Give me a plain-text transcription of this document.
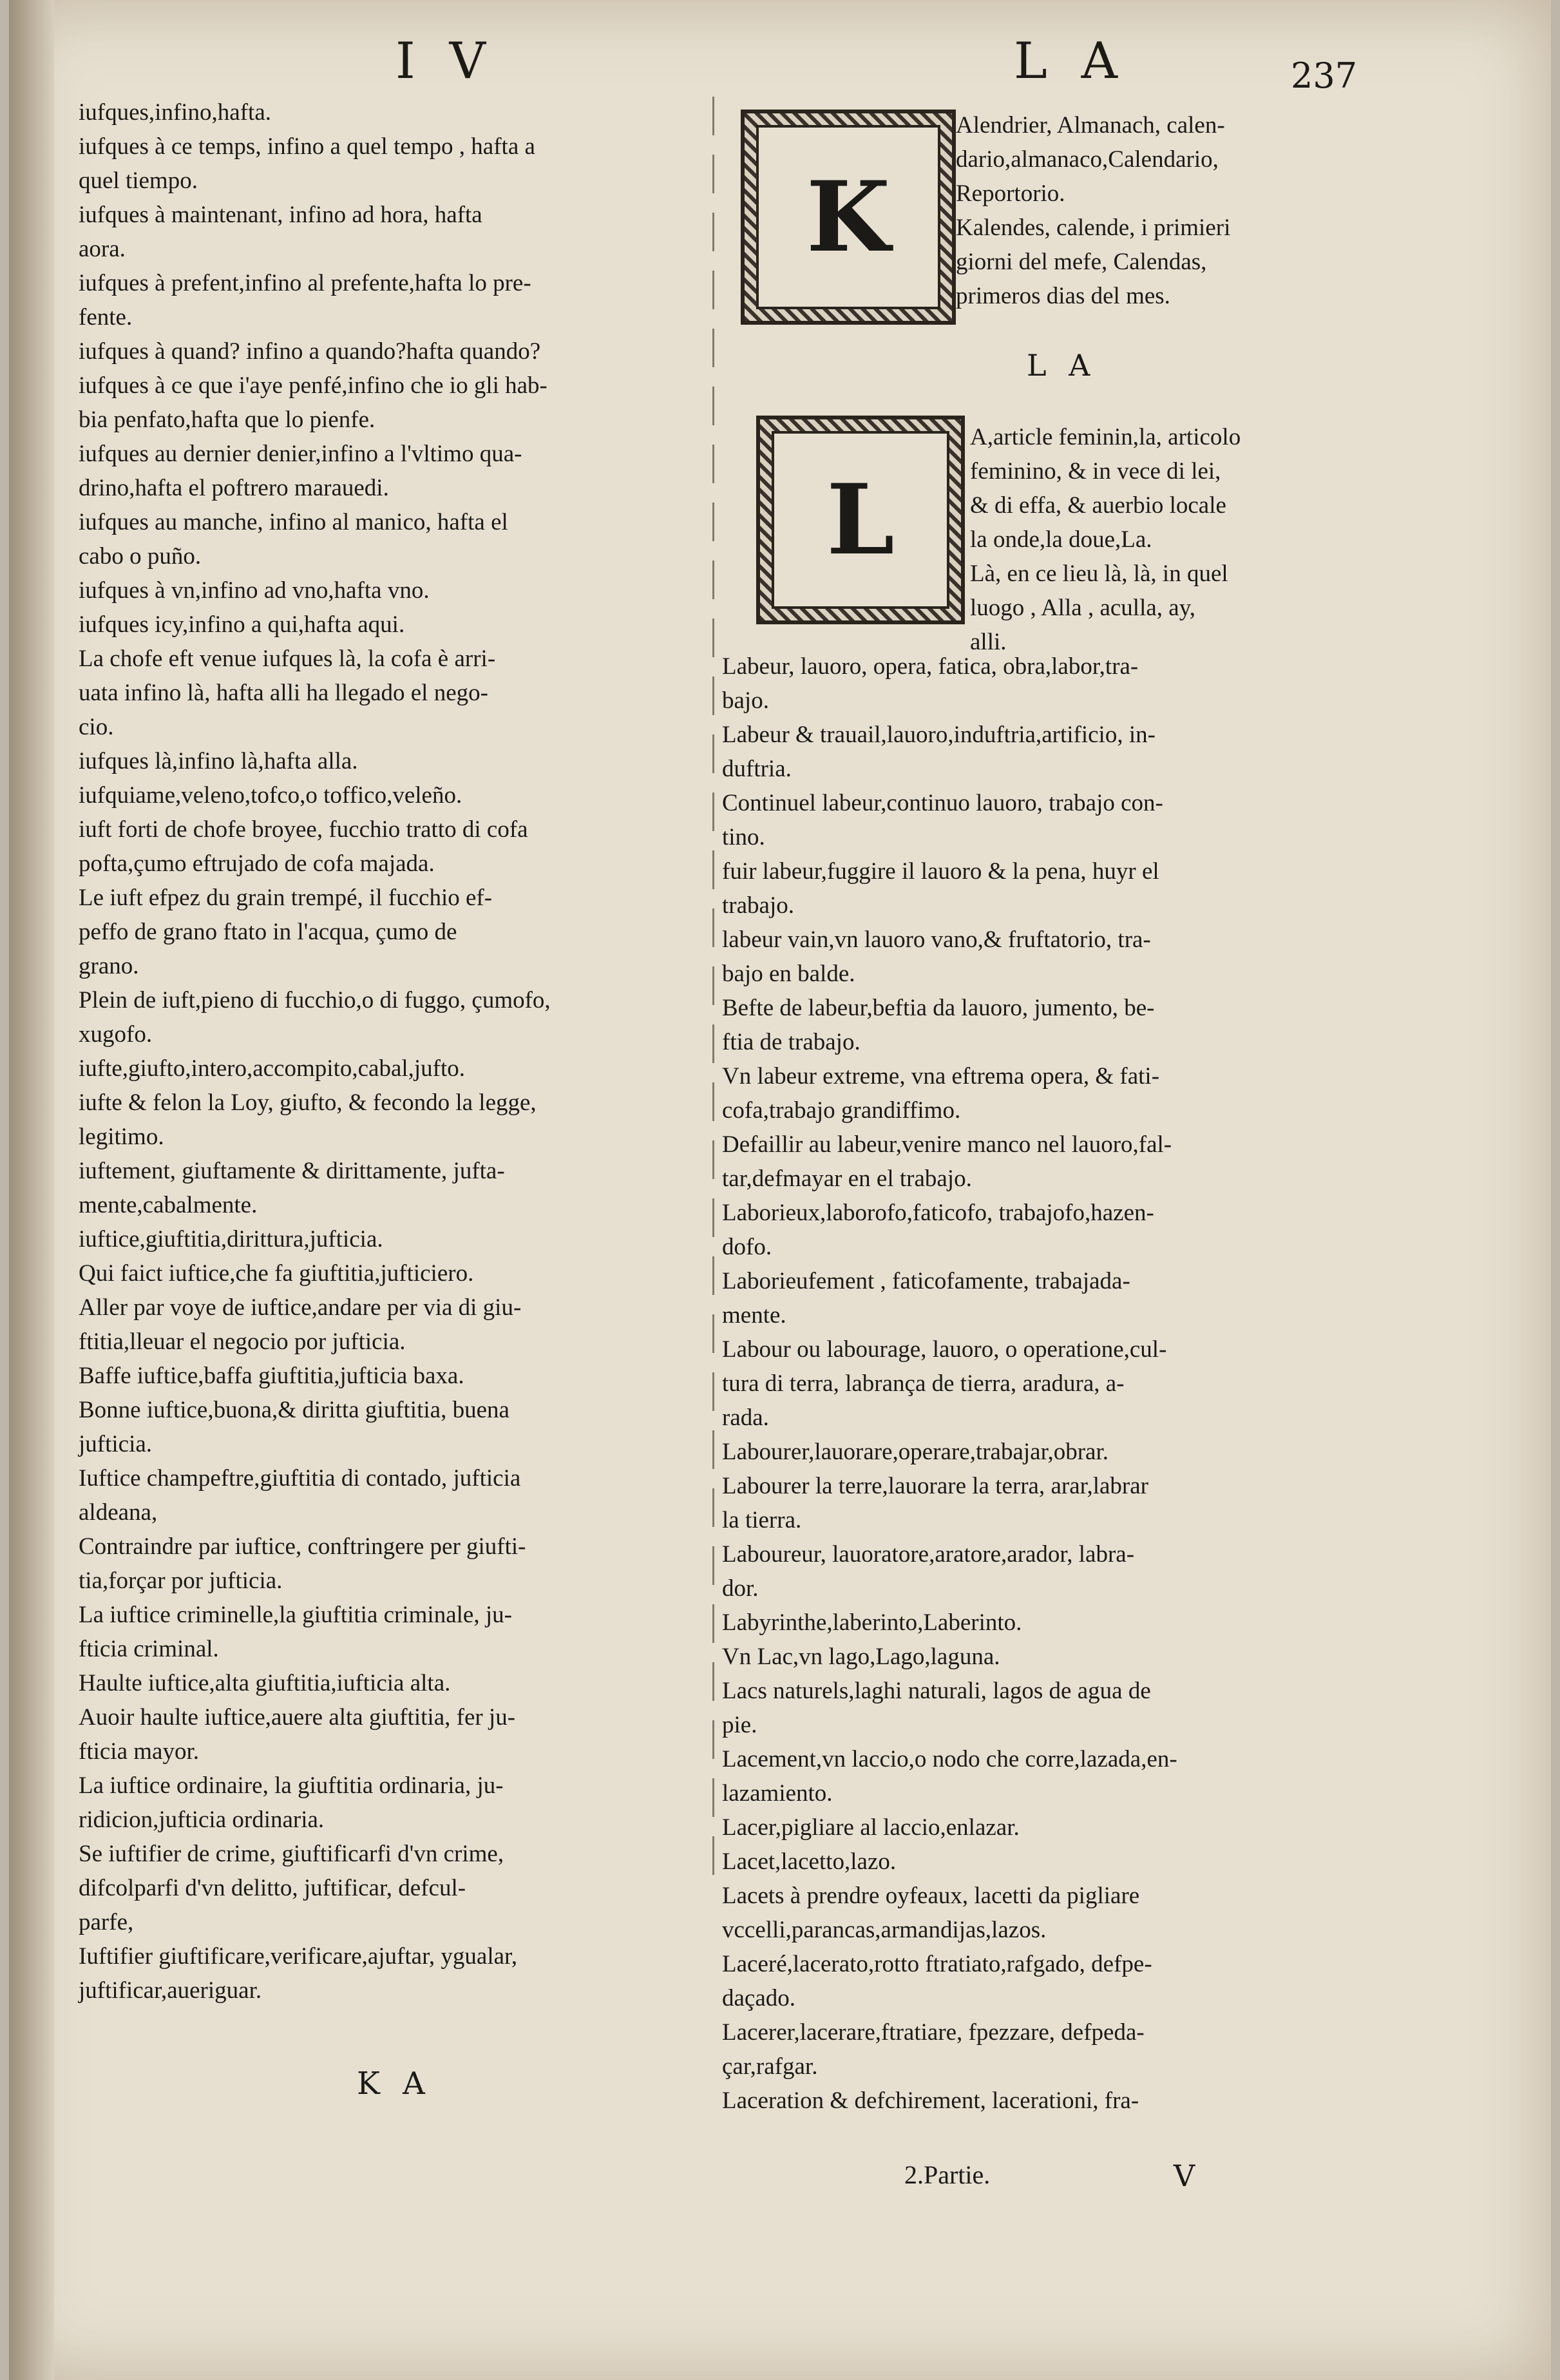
I V	L A	237
iufques,infino,hafta.
iufques à ce temps, infino a quel tempo , hafta a
quel tiempo.
iufques à maintenant, infino ad hora, hafta
aora.
iufques à prefent,infino al prefente,hafta lo pre-
fente.
iufques à quand? infino a quando?hafta quando?
iufques à ce que i'aye penfé,infino che io gli hab-
bia penfato,hafta que lo pienfe.
iufques au dernier denier,infino a l'vltimo qua-
drino,hafta el poftrero marauedi.
iufques au manche, infino al manico, hafta el
cabo o puño.
iufques à vn,infino ad vno,hafta vno.
iufques icy,infino a qui,hafta aqui.
La chofe eft venue iufques là, la cofa è arri-
uata infino là, hafta alli ha llegado el nego-
cio.
iufques là,infino là,hafta alla.
iufquiame,veleno,tofco,o toffico,veleño.
iuft forti de chofe broyee, fucchio tratto di cofa
pofta,çumo eftrujado de cofa majada.
Le iuft efpez du grain trempé, il fucchio ef-
peffo de grano ftato in l'acqua, çumo de
grano.
Plein de iuft,pieno di fucchio,o di fuggo, çumofo,
xugofo.
iufte,giufto,intero,accompito,cabal,jufto.
iufte & felon la Loy, giufto, & fecondo la legge,
legitimo.
iuftement, giuftamente & dirittamente, jufta-
mente,cabalmente.
iuftice,giuftitia,dirittura,jufticia.
Qui faict iuftice,che fa giuftitia,jufticiero.
Aller par voye de iuftice,andare per via di giu-
ftitia,lleuar el negocio por jufticia.
Baffe iuftice,baffa giuftitia,jufticia baxa.
Bonne iuftice,buona,& diritta giuftitia, buena
jufticia.
Iuftice champeftre,giuftitia di contado, jufticia
aldeana,
Contraindre par iuftice, conftringere per giufti-
tia,forçar por jufticia.
La iuftice criminelle,la giuftitia criminale, ju-
fticia criminal.
Haulte iuftice,alta giuftitia,iufticia alta.
Auoir haulte iuftice,auere alta giuftitia, fer ju-
fticia mayor.
La iuftice ordinaire, la giuftitia ordinaria, ju-
ridicion,jufticia ordinaria.
Se iuftifier de crime, giuftificarfi d'vn crime,
difcolparfi d'vn delitto, juftificar, defcul-
parfe,
Iuftifier giuftificare,verificare,ajuftar, ygualar,
juftificar,aueriguar.
K A
K
Alendrier, Almanach, calen-
dario,almanaco,Calendario,
Reportorio.
Kalendes, calende, i primieri
giorni del mefe, Calendas,
primeros dias del mes.
L A
L
A,article feminin,la, articolo
feminino, & in vece di lei,
& di effa, & auerbio locale
la onde,la doue,La.
Là, en ce lieu là, là, in quel
luogo , Alla , aculla, ay,
alli.
Labeur, lauoro, opera, fatica, obra,labor,tra-
bajo.
Labeur & trauail,lauoro,induftria,artificio, in-
duftria.
Continuel labeur,continuo lauoro, trabajo con-
tino.
fuir labeur,fuggire il lauoro & la pena, huyr el
trabajo.
labeur vain,vn lauoro vano,& fruftatorio, tra-
bajo en balde.
Befte de labeur,beftia da lauoro, jumento, be-
ftia de trabajo.
Vn labeur extreme, vna eftrema opera, & fati-
cofa,trabajo grandiffimo.
Defaillir au labeur,venire manco nel lauoro,fal-
tar,defmayar en el trabajo.
Laborieux,laborofo,faticofo, trabajofo,hazen-
dofo.
Laborieufement , faticofamente, trabajada-
mente.
Labour ou labourage, lauoro, o operatione,cul-
tura di terra, labrança de tierra, aradura, a-
rada.
Labourer,lauorare,operare,trabajar,obrar.
Labourer la terre,lauorare la terra, arar,labrar
la tierra.
Laboureur, lauoratore,aratore,arador, labra-
dor.
Labyrinthe,laberinto,Laberinto.
Vn Lac,vn lago,Lago,laguna.
Lacs naturels,laghi naturali, lagos de agua de
pie.
Lacement,vn laccio,o nodo che corre,lazada,en-
lazamiento.
Lacer,pigliare al laccio,enlazar.
Lacet,lacetto,lazo.
Lacets à prendre oyfeaux, lacetti da pigliare
vccelli,parancas,armandijas,lazos.
Laceré,lacerato,rotto ftratiato,rafgado, defpe-
daçado.
Lacerer,lacerare,ftratiare, fpezzare, defpeda-
çar,rafgar.
Laceration & defchirement, lacerationi, fra-
2.Partie.	V
